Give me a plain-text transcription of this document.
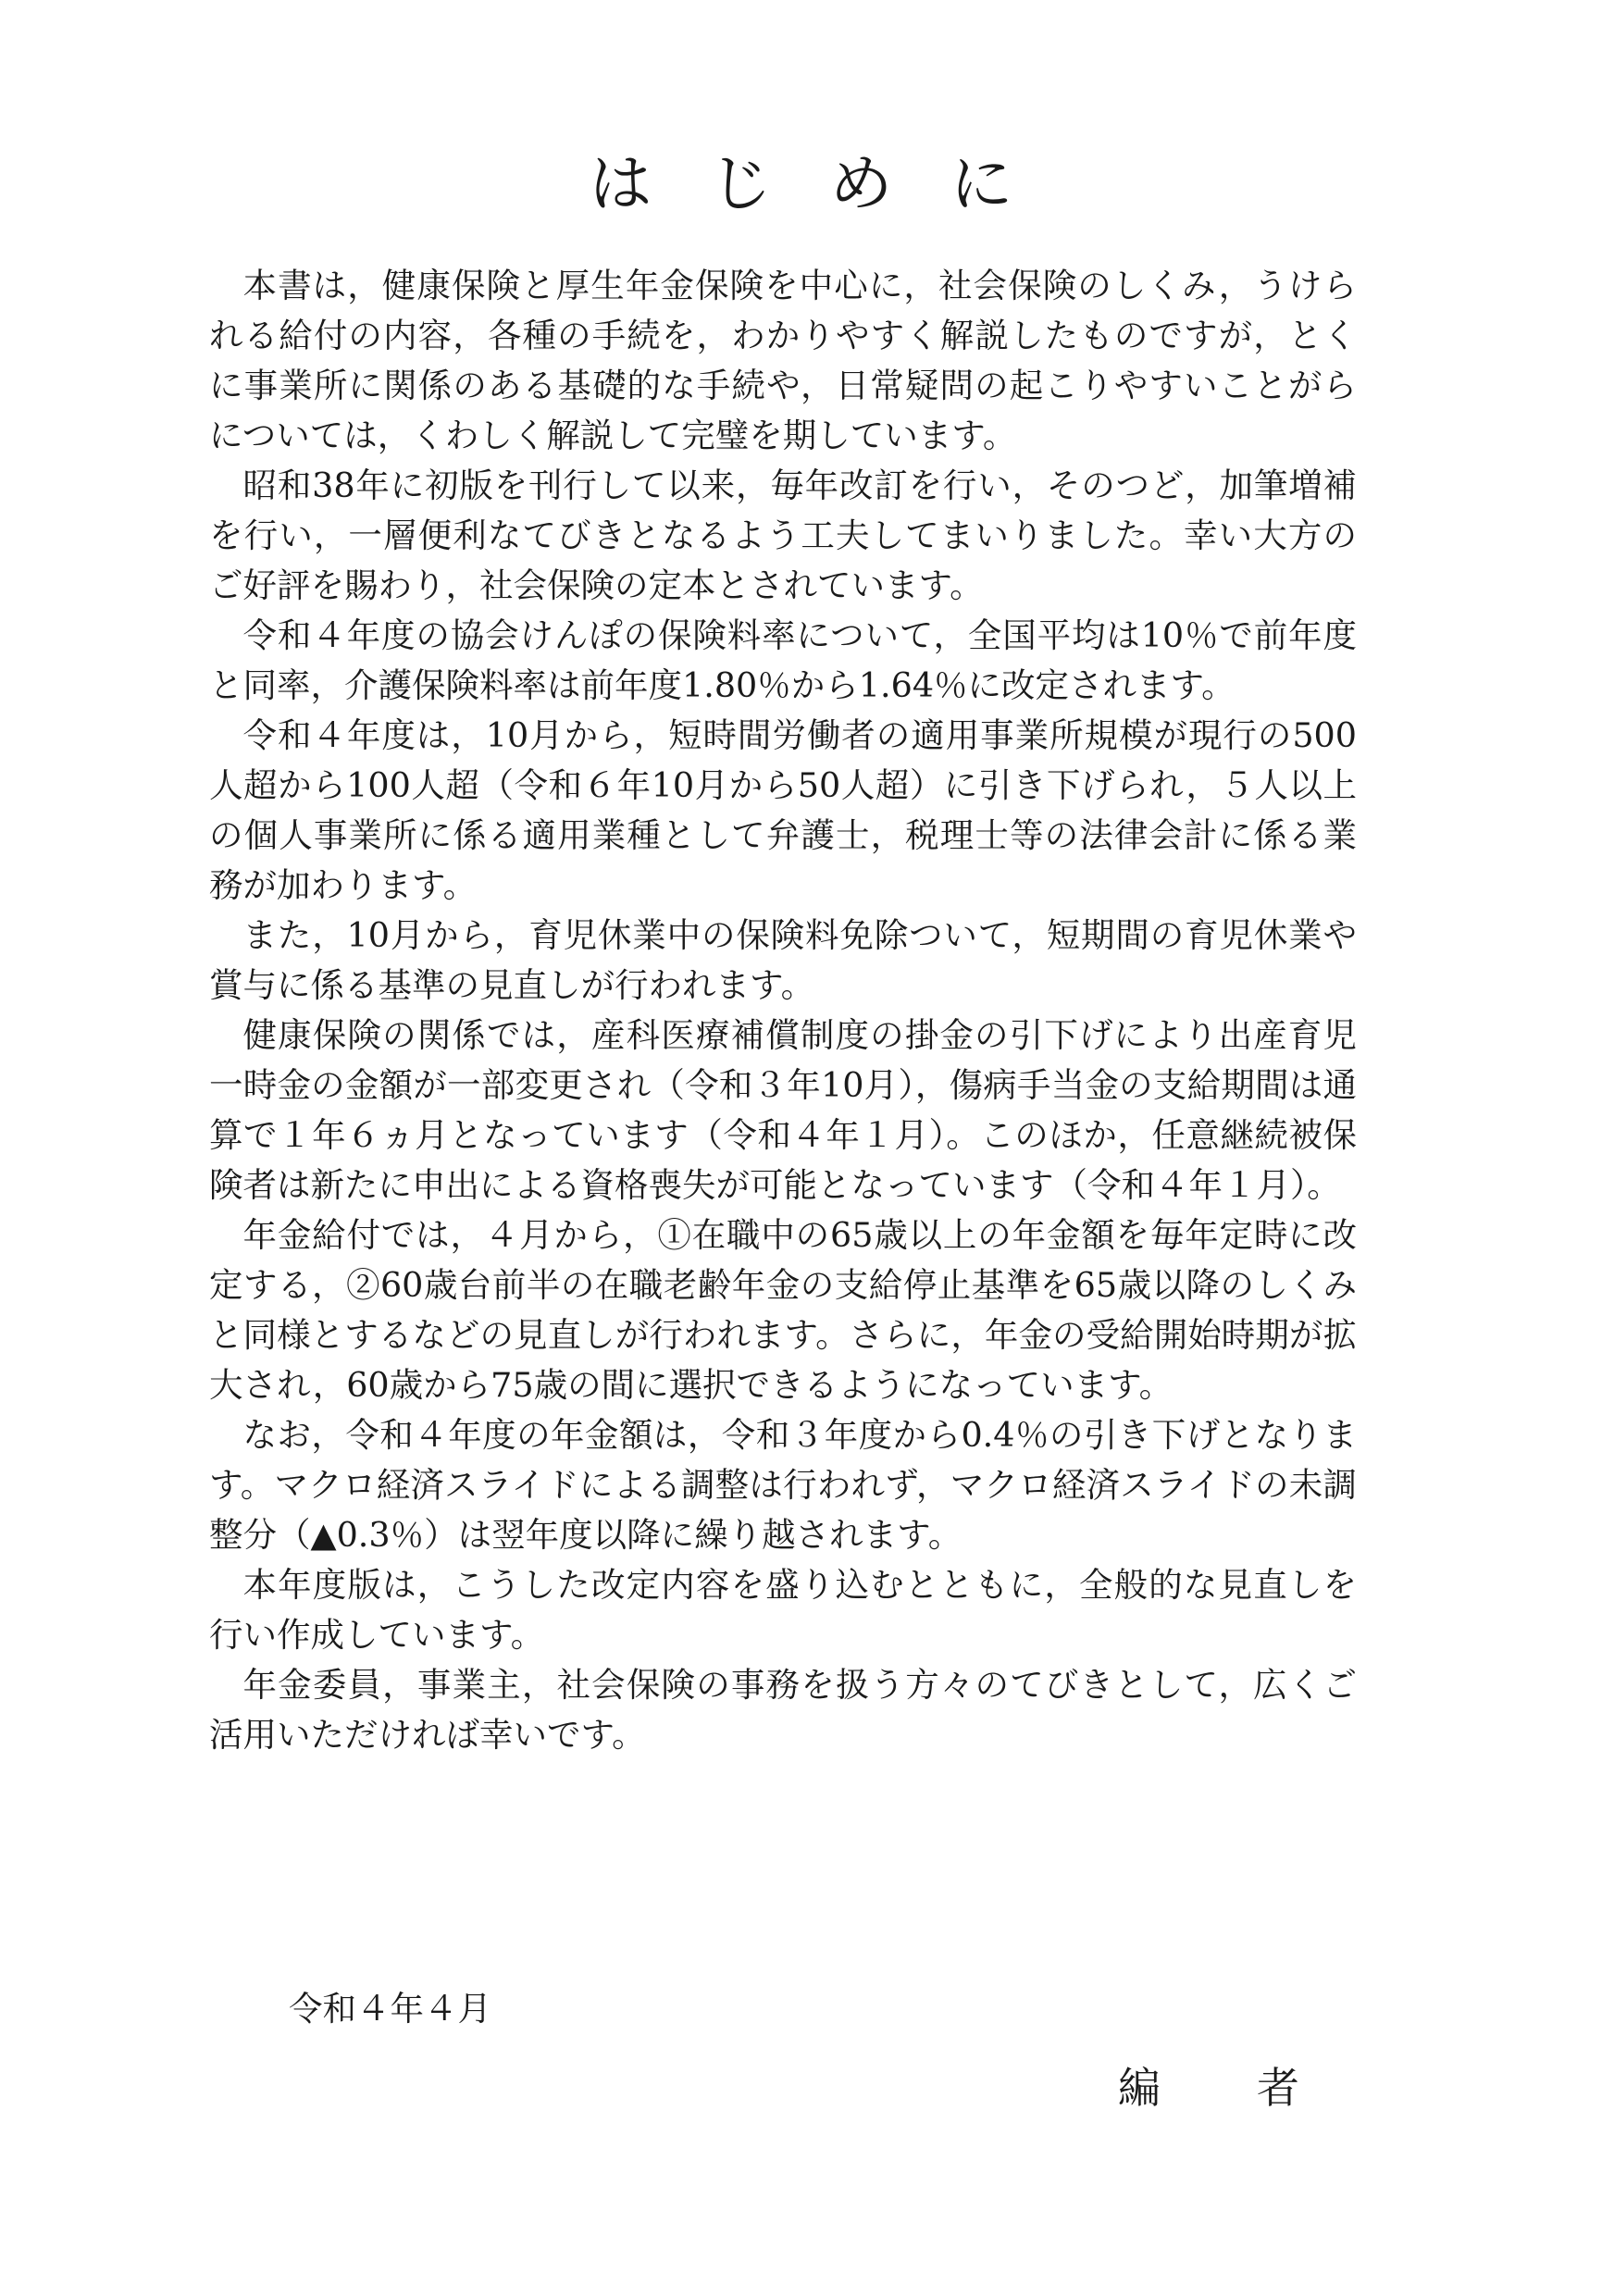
はじめに

本書は，健康保険と厚生年金保険を中心に，社会保険のしくみ，うけられる給付の内容，各種の手続を，わかりやすく解説したものですが，とくに事業所に関係のある基礎的な手続や，日常疑問の起こりやすいことがらについては，くわしく解説して完璧を期しています。

昭和38年に初版を刊行して以来，毎年改訂を行い，そのつど，加筆増補を行い，一層便利なてびきとなるよう工夫してまいりました。幸い大方のご好評を賜わり，社会保険の定本とされています。

令和４年度の協会けんぽの保険料率について，全国平均は10％で前年度と同率，介護保険料率は前年度1.80％から1.64％に改定されます。

令和４年度は，10月から，短時間労働者の適用事業所規模が現行の500人超から100人超（令和６年10月から50人超）に引き下げられ，５人以上の個人事業所に係る適用業種として弁護士，税理士等の法律会計に係る業務が加わります。

また，10月から，育児休業中の保険料免除ついて，短期間の育児休業や賞与に係る基準の見直しが行われます。

健康保険の関係では，産科医療補償制度の掛金の引下げにより出産育児一時金の金額が一部変更され（令和３年10月），傷病手当金の支給期間は通算で１年６ヵ月となっています（令和４年１月）。このほか，任意継続被保険者は新たに申出による資格喪失が可能となっています（令和４年１月）。

年金給付では，４月から，①在職中の65歳以上の年金額を毎年定時に改定する，②60歳台前半の在職老齢年金の支給停止基準を65歳以降のしくみと同様とするなどの見直しが行われます。さらに，年金の受給開始時期が拡大され，60歳から75歳の間に選択できるようになっています。

なお，令和４年度の年金額は，令和３年度から0.4％の引き下げとなります。マクロ経済スライドによる調整は行われず，マクロ経済スライドの未調整分（▲0.3％）は翌年度以降に繰り越されます。

本年度版は，こうした改定内容を盛り込むとともに，全般的な見直しを行い作成しています。

年金委員，事業主，社会保険の事務を扱う方々のてびきとして，広くご活用いただければ幸いです。

令和４年４月
編者
